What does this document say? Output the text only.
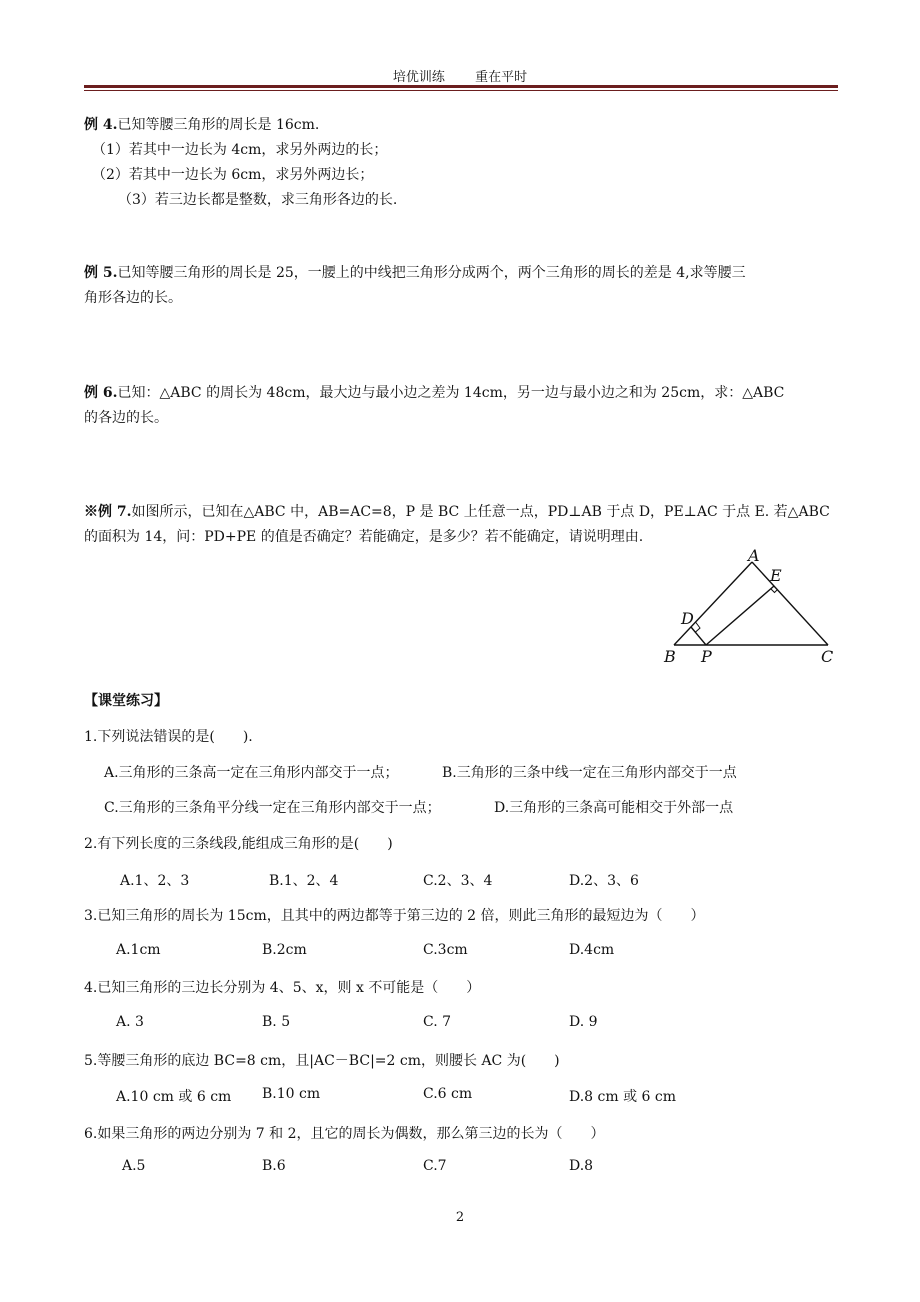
培优训练 重在平时
例 4.已知等腰三角形的周长是 16cm.
（1）若其中一边长为 4cm，求另外两边的长；
（2）若其中一边长为 6cm，求另外两边长；
（3）若三边长都是整数，求三角形各边的长.
例 5.已知等腰三角形的周长是 25，一腰上的中线把三角形分成两个，两个三角形的周长的差是 4,求等腰三
角形各边的长。
例 6.已知：△ABC 的周长为 48cm，最大边与最小边之差为 14cm，另一边与最小边之和为 25cm，求：△ABC
的各边的长。
※例 7.如图所示，已知在△ABC 中，AB=AC=8，P 是 BC 上任意一点，PD⊥AB 于点 D，PE⊥AC 于点 E. 若△ABC
的面积为 14，问：PD+PE 的值是否确定？若能确定，是多少？若不能确定，请说明理由.
A
E
D
B P	C
【课堂练习】
1.下列说法错误的是(　　).
A.三角形的三条高一定在三角形内部交于一点；	B.三角形的三条中线一定在三角形内部交于一点
C.三角形的三条角平分线一定在三角形内部交于一点；	D.三角形的三条高可能相交于外部一点
2.有下列长度的三条线段,能组成三角形的是(　　)
A.1、2、3	B.1、2、4	C.2、3、4	D.2、3、6
3.已知三角形的周长为 15cm，且其中的两边都等于第三边的 2 倍，则此三角形的最短边为（　　）
A.1cm	B.2cm	C.3cm	D.4cm
4.已知三角形的三边长分别为 4、5、x，则 x 不可能是（　　）
A. 3	B. 5	C. 7	D. 9
5.等腰三角形的底边 BC=8 cm，且|AC－BC|=2 cm，则腰长 AC 为(　　)
A.10 cm 或 6 cm B.10 cm	C.6 cm	D.8 cm 或 6 cm
6.如果三角形的两边分别为 7 和 2，且它的周长为偶数，那么第三边的长为（　　）
A.5	B.6	C.7	D.8
2
